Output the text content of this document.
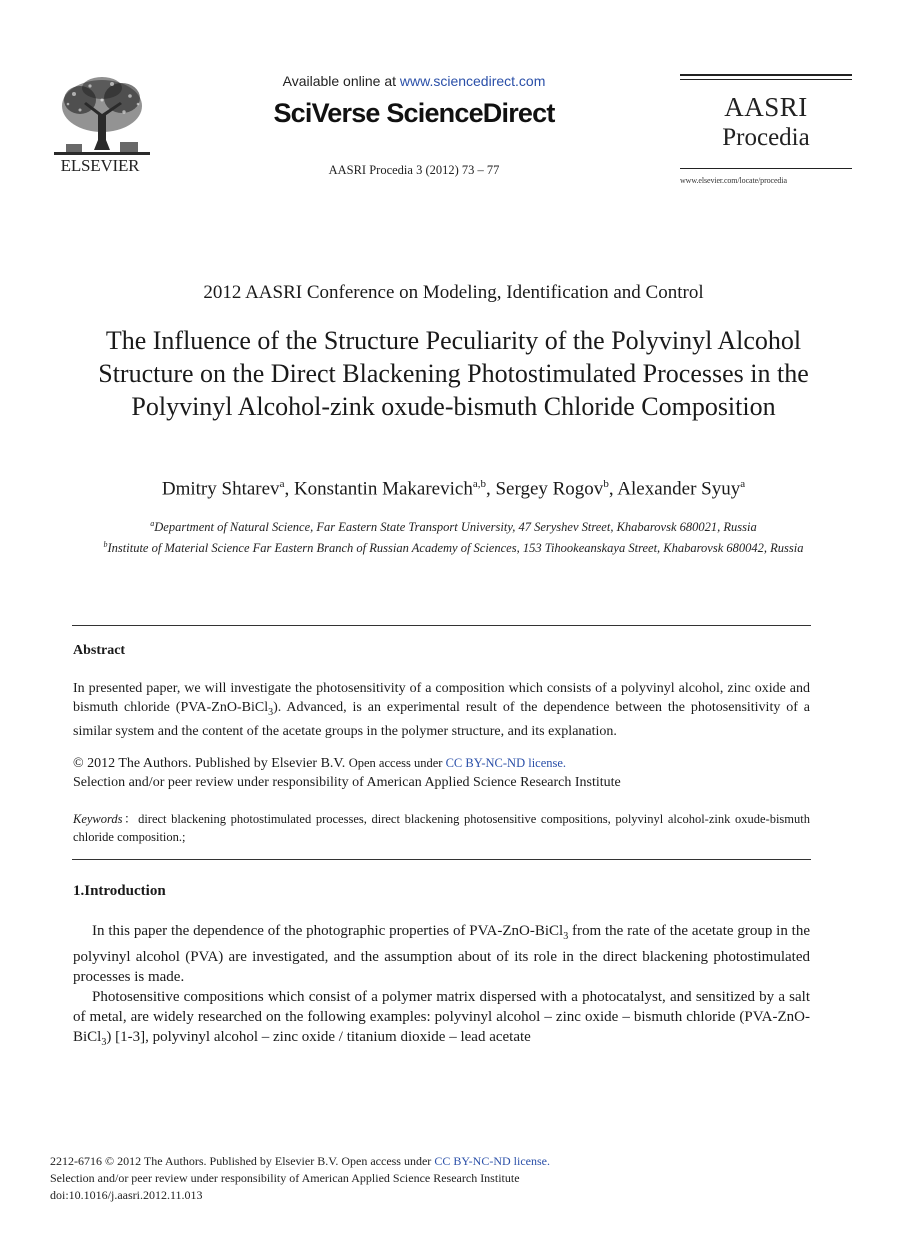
ELSEVIER
Available online at www.sciencedirect.com
SciVerse ScienceDirect
AASRI Procedia 3 (2012) 73 – 77
AASRI
Procedia
www.elsevier.com/locate/procedia
2012 AASRI Conference on Modeling, Identification and Control
The Influence of the Structure Peculiarity of the Polyvinyl Alcohol Structure on the Direct Blackening Photostimulated Processes in the Polyvinyl Alcohol-zink oxude-bismuth Chloride Composition
Dmitry Shtarev$^a$, Konstantin Makarevich$^{a,b}$, Sergey Rogov$^b$, Alexander Syuy$^a$
$^a$Department of Natural Science, Far Eastern State Transport University, 47 Seryshev Street, Khabarovsk 680021, Russia
$^b$Institute of Material Science Far Eastern Branch of Russian Academy of Sciences, 153 Tihookeanskaya Street, Khabarovsk 680042, Russia
Abstract
In presented paper, we will investigate the photosensitivity of a composition which consists of a polyvinyl alcohol, zinc oxide and bismuth chloride (PVA-ZnO-BiCl$_3$). Advanced, is an experimental result of the dependence between the photosensitivity of a similar system and the content of the acetate groups in the polymer structure, and its explanation.
© 2012 The Authors. Published by Elsevier B.V. Open access under CC BY-NC-ND license.
Selection and/or peer review under responsibility of American Applied Science Research Institute
Keywords：direct blackening photostimulated processes, direct blackening photosensitive compositions, polyvinyl alcohol-zink oxude-bismuth chloride composition.;
1.Introduction

In this paper the dependence of the photographic properties of PVA-ZnO-BiCl$_3$ from the rate of the acetate group in the polyvinyl alcohol (PVA) are investigated, and the assumption about of its role in the direct blackening photostimulated processes is made.

Photosensitive compositions which consist of a polymer matrix dispersed with a photocatalyst, and sensitized by a salt of metal, are widely researched on the following examples: polyvinyl alcohol – zinc oxide – bismuth chloride (PVA-ZnO-BiCl$_3$) [1-3], polyvinyl alcohol – zinc oxide / titanium dioxide – lead acetate

2212-6716 © 2012 The Authors. Published by Elsevier B.V. Open access under CC BY-NC-ND license.
Selection and/or peer review under responsibility of American Applied Science Research Institute
doi:10.1016/j.aasri.2012.11.013
